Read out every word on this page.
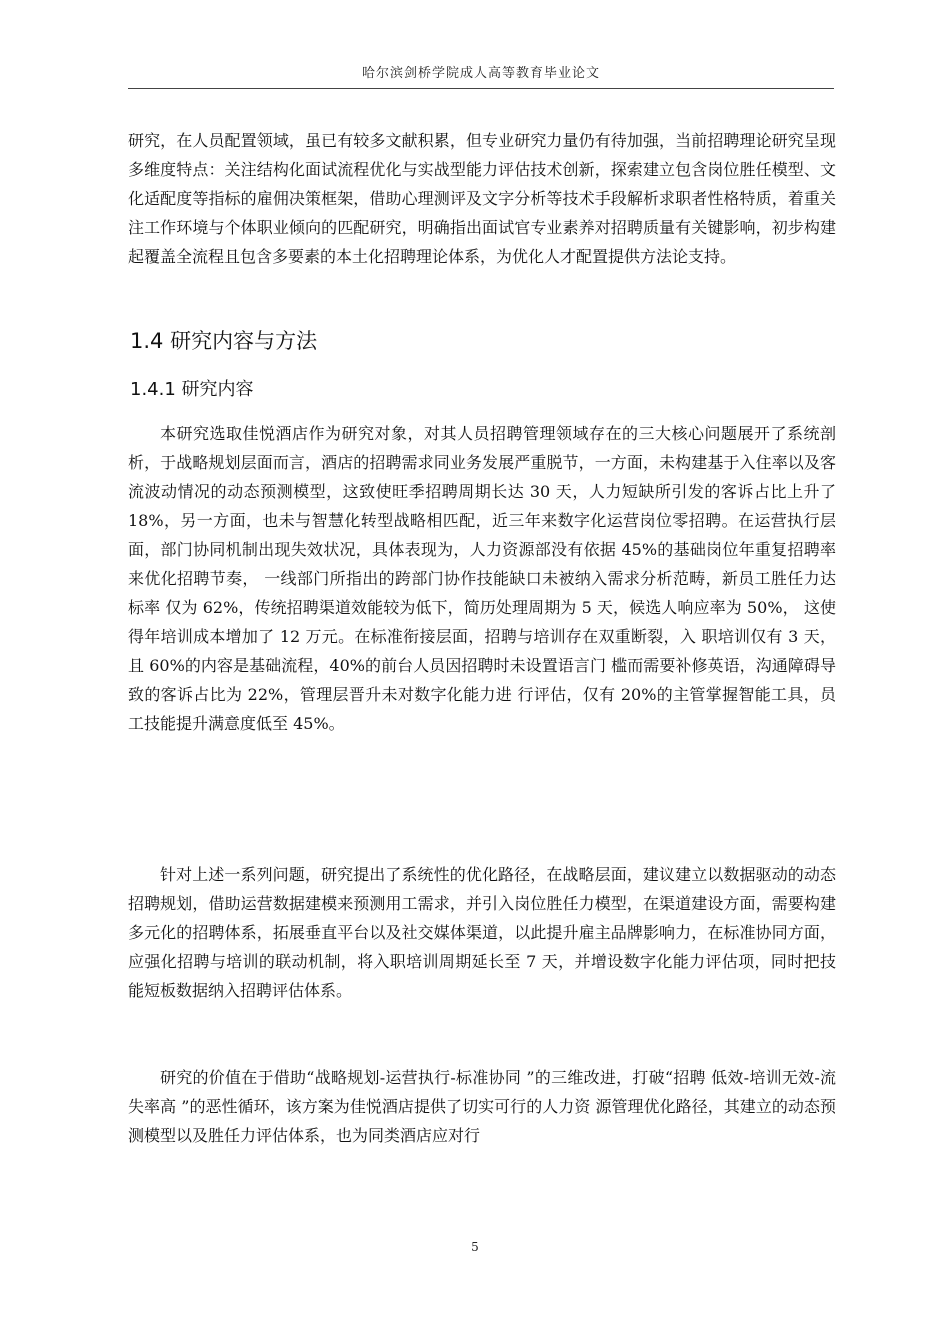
哈尔滨剑桥学院成人高等教育毕业论文

研究，在人员配置领域，虽已有较多文献积累，但专业研究力量仍有待加强，当前招聘理论研究呈现多维度特点：关注结构化面试流程优化与实战型能力评估技术创新，探索建立包含岗位胜任模型、文化适配度等指标的雇佣决策框架，借助心理测评及文字分析等技术手段解析求职者性格特质，着重关注工作环境与个体职业倾向的匹配研究，明确指出面试官专业素养对招聘质量有关键影响，初步构建起覆盖全流程且包含多要素的本土化招聘理论体系，为优化人才配置提供方法论支持。

1.4 研究内容与方法
1.4.1 研究内容

本研究选取佳悦酒店作为研究对象，对其人员招聘管理领域存在的三大核心问题展开了系统剖析，于战略规划层面而言，酒店的招聘需求同业务发展严重脱节，一方面，未构建基于入住率以及客流波动情况的动态预测模型，这致使旺季招聘周期长达 30 天，人力短缺所引发的客诉占比上升了 18%，另一方面，也未与智慧化转型战略相匹配，近三年来数字化运营岗位零招聘。在运营执行层面，部门协同机制出现失效状况，具体表现为，人力资源部没有依据 45%的基础岗位年重复招聘率来优化招聘节奏， 一线部门所指出的跨部门协作技能缺口未被纳入需求分析范畴，新员工胜任力达标率 仅为 62%，传统招聘渠道效能较为低下，简历处理周期为 5 天，候选人响应率为 50%， 这使得年培训成本增加了 12 万元。在标准衔接层面，招聘与培训存在双重断裂，入 职培训仅有 3 天，且 60%的内容是基础流程，40%的前台人员因招聘时未设置语言门 槛而需要补修英语，沟通障碍导致的客诉占比为 22%，管理层晋升未对数字化能力进 行评估，仅有 20%的主管掌握智能工具，员工技能提升满意度低至 45%。

针对上述一系列问题，研究提出了系统性的优化路径，在战略层面，建议建立以数据驱动的动态招聘规划，借助运营数据建模来预测用工需求，并引入岗位胜任力模型，在渠道建设方面，需要构建多元化的招聘体系，拓展垂直平台以及社交媒体渠道，以此提升雇主品牌影响力，在标准协同方面，应强化招聘与培训的联动机制，将入职培训周期延长至 7 天，并增设数字化能力评估项，同时把技能短板数据纳入招聘评估体系。

研究的价值在于借助“战略规划-运营执行-标准协同 ”的三维改进，打破“招聘 低效-培训无效-流失率高 ”的恶性循环，该方案为佳悦酒店提供了切实可行的人力资 源管理优化路径，其建立的动态预测模型以及胜任力评估体系，也为同类酒店应对行

5
